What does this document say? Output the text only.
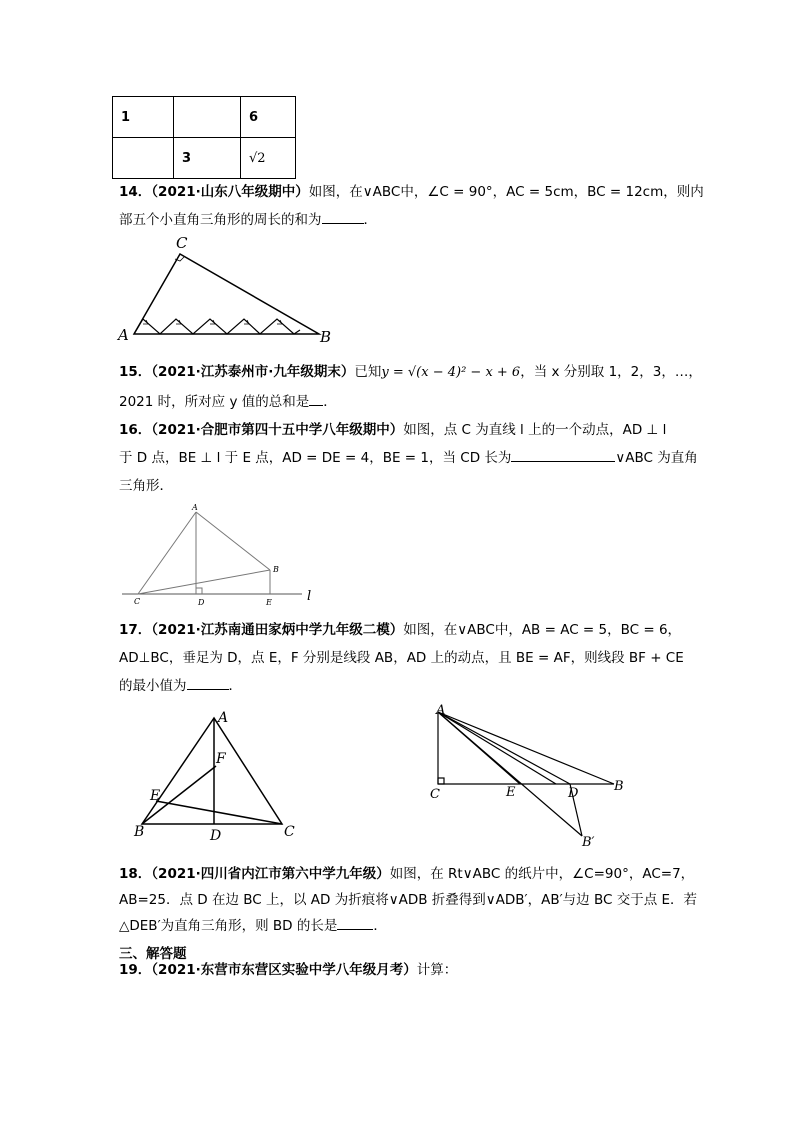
1		6
	3	√2
14．（2021·山东八年级期中）如图，在∨ABC中，∠C = 90°，AC = 5cm，BC = 12cm，则内
部五个小直角三角形的周长的和为	．
C
A	B
15．（2021·江苏泰州市·九年级期末）已知y = √(x − 4)² − x + 6，当 x 分别取 1，2，3，…，
2021 时，所对应 y 值的总和是 ．
16．（2021·合肥市第四十五中学八年级期中）如图，点 C 为直线 l 上的一个动点，AD ⊥ l
于 D 点，BE ⊥ l 于 E 点，AD = DE = 4，BE = 1，当 CD 长为	∨ABC 为直角
三角形．
A
B
C	D	E	l
17．（2021·江苏南通田家炳中学九年级二模）如图，在∨ABC中，AB = AC = 5，BC = 6，
AD⊥BC，垂足为 D，点 E，F 分别是线段 AB，AD 上的动点，且 BE = AF，则线段 BF + CE
的最小值为	．
A
F
E
B	D	C
A
C	E	D	B
B′
18．（2021·四川省内江市第六中学九年级）如图，在 Rt∨ABC 的纸片中，∠C=90°，AC=7，
AB=25．点 D 在边 BC 上，以 AD 为折痕将∨ADB 折叠得到∨ADB′，AB′与边 BC 交于点 E．若
△DEB′为直角三角形，则 BD 的长是	．
三、解答题
19．（2021·东营市东营区实验中学八年级月考）计算：
